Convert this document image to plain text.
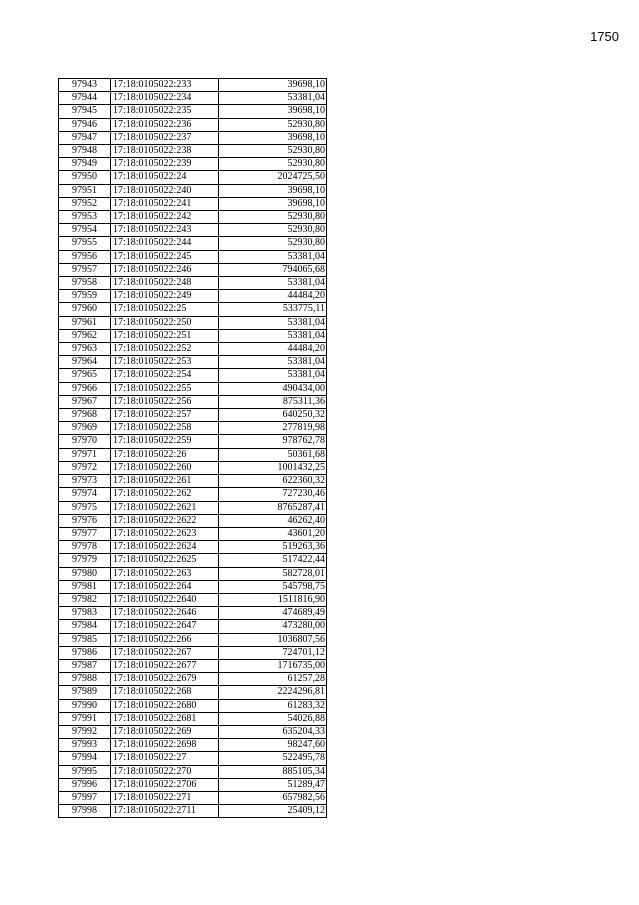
1750
97943	17:18:0105022:233	39698,10
97944	17:18:0105022:234	53381,04
97945	17:18:0105022:235	39698,10
97946	17:18:0105022:236	52930,80
97947	17:18:0105022:237	39698,10
97948	17:18:0105022:238	52930,80
97949	17:18:0105022:239	52930,80
97950	17:18:0105022:24	2024725,50
97951	17:18:0105022:240	39698,10
97952	17:18:0105022:241	39698,10
97953	17:18:0105022:242	52930,80
97954	17:18:0105022:243	52930,80
97955	17:18:0105022:244	52930,80
97956	17:18:0105022:245	53381,04
97957	17:18:0105022:246	794065,68
97958	17:18:0105022:248	53381,04
97959	17:18:0105022:249	44484,20
97960	17:18:0105022:25	533775,11
97961	17:18:0105022:250	53381,04
97962	17:18:0105022:251	53381,04
97963	17:18:0105022:252	44484,20
97964	17:18:0105022:253	53381,04
97965	17:18:0105022:254	53381,04
97966	17:18:0105022:255	490434,00
97967	17:18:0105022:256	875311,36
97968	17:18:0105022:257	640250,32
97969	17:18:0105022:258	277819,98
97970	17:18:0105022:259	978762,78
97971	17:18:0105022:26	50361,68
97972	17:18:0105022:260	1001432,25
97973	17:18:0105022:261	622360,32
97974	17:18:0105022:262	727230,46
97975	17:18:0105022:2621	8765287,41
97976	17:18:0105022:2622	46262,40
97977	17:18:0105022:2623	43601,20
97978	17:18:0105022:2624	519263,36
97979	17:18:0105022:2625	517422,44
97980	17:18:0105022:263	582728,01
97981	17:18:0105022:264	545798,75
97982	17:18:0105022:2640	1511816,90
97983	17:18:0105022:2646	474689,49
97984	17:18:0105022:2647	473280,00
97985	17:18:0105022:266	1036807,56
97986	17:18:0105022:267	724701,12
97987	17:18:0105022:2677	1716735,00
97988	17:18:0105022:2679	61257,28
97989	17:18:0105022:268	2224296,81
97990	17:18:0105022:2680	61283,32
97991	17:18:0105022:2681	54026,88
97992	17:18:0105022:269	635204,33
97993	17:18:0105022:2698	98247,60
97994	17:18:0105022:27	522495,78
97995	17:18:0105022:270	885105,34
97996	17:18:0105022:2706	51289,47
97997	17:18:0105022:271	657982,56
97998	17:18:0105022:2711	25409,12
